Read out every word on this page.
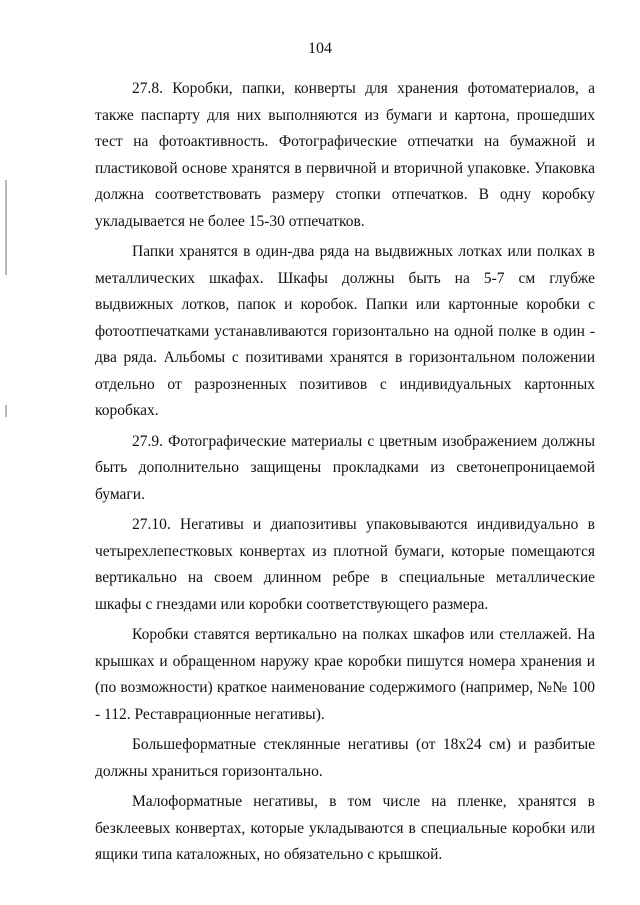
104

27.8. Коробки, папки, конверты для хранения фотоматериалов, а также паспарту для них выполняются из бумаги и картона, прошедших тест на фотоактивность. Фотографические отпечатки на бумажной и пластиковой основе хранятся в первичной и вторичной упаковке. Упаковка должна соответствовать размеру стопки отпечатков. В одну коробку укладывается не более 15-30 отпечатков.

Папки хранятся в один-два ряда на выдвижных лотках или полках в металлических шкафах. Шкафы должны быть на 5-7 см глубже выдвижных лотков, папок и коробок. Папки или картонные коробки с фотоотпечатками устанавливаются горизонтально на одной полке в один - два ряда. Альбомы с позитивами хранятся в горизонтальном положении отдельно от разрозненных позитивов с индивидуальных картонных коробках.

27.9. Фотографические материалы с цветным изображением должны быть дополнительно защищены прокладками из светонепроницаемой бумаги.

27.10. Негативы и диапозитивы упаковываются индивидуально в четырехлепестковых конвертах из плотной бумаги, которые помещаются вертикально на своем длинном ребре в специальные металлические шкафы с гнездами или коробки соответствующего размера.

Коробки ставятся вертикально на полках шкафов или стеллажей. На крышках и обращенном наружу крае коробки пишутся номера хранения и (по возможности) краткое наименование содержимого (например, №№ 100 - 112. Реставрационные негативы).

Большеформатные стеклянные негативы (от 18х24 см) и разбитые должны храниться горизонтально.

Малоформатные негативы, в том числе на пленке, хранятся в безклеевых конвертах, которые укладываются в специальные коробки или ящики типа каталожных, но обязательно с крышкой.
